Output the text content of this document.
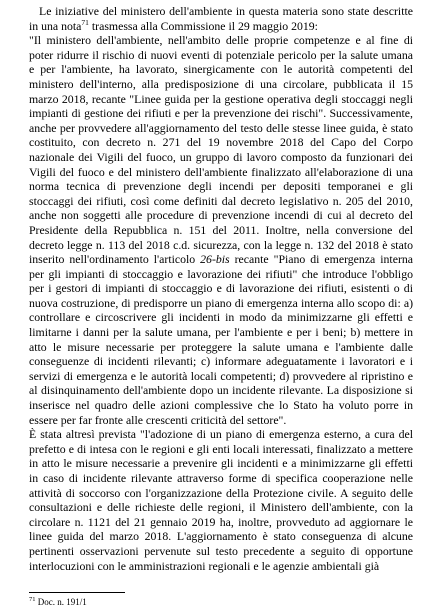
Le iniziative del ministero dell'ambiente in questa materia sono state descritte in una nota$^{71}$ trasmessa alla Commissione il 29 maggio 2019:

"Il ministero dell'ambiente, nell'ambito delle proprie competenze e al fine di poter ridurre il rischio di nuovi eventi di potenziale pericolo per la salute umana e per l'ambiente, ha lavorato, sinergicamente con le autorità competenti del ministero dell'interno, alla predisposizione di una circolare, pubblicata il 15 marzo 2018, recante "Linee guida per la gestione operativa degli stoccaggi negli impianti di gestione dei rifiuti e per la prevenzione dei rischi". Successivamente, anche per provvedere all'aggiornamento del testo delle stesse linee guida, è stato costituito, con decreto n. 271 del 19 novembre 2018 del Capo del Corpo nazionale dei Vigili del fuoco, un gruppo di lavoro composto da funzionari dei Vigili del fuoco e del ministero dell'ambiente finalizzato all'elaborazione di una norma tecnica di prevenzione degli incendi per depositi temporanei e gli stoccaggi dei rifiuti, così come definiti dal decreto legislativo n. 205 del 2010, anche non soggetti alle procedure di prevenzione incendi di cui al decreto del Presidente della Repubblica n. 151 del 2011. Inoltre, nella conversione del decreto legge n. 113 del 2018 c.d. sicurezza, con la legge n. 132 del 2018 è stato inserito nell'ordinamento l'articolo 26-bis recante "Piano di emergenza interna per gli impianti di stoccaggio e lavorazione dei rifiuti" che introduce l'obbligo per i gestori di impianti di stoccaggio e di lavorazione dei rifiuti, esistenti o di nuova costruzione, di predisporre un piano di emergenza interna allo scopo di: a) controllare e circoscrivere gli incidenti in modo da minimizzarne gli effetti e limitarne i danni per la salute umana, per l'ambiente e per i beni; b) mettere in atto le misure necessarie per proteggere la salute umana e l'ambiente dalle conseguenze di incidenti rilevanti; c) informare adeguatamente i lavoratori e i servizi di emergenza e le autorità locali competenti; d) provvedere al ripristino e al disinquinamento dell'ambiente dopo un incidente rilevante. La disposizione si inserisce nel quadro delle azioni complessive che lo Stato ha voluto porre in essere per far fronte alle crescenti criticità del settore".

È stata altresì prevista "l'adozione di un piano di emergenza esterno, a cura del prefetto e di intesa con le regioni e gli enti locali interessati, finalizzato a mettere in atto le misure necessarie a prevenire gli incidenti e a minimizzarne gli effetti in caso di incidente rilevante attraverso forme di specifica cooperazione nelle attività di soccorso con l'organizzazione della Protezione civile. A seguito delle consultazioni e delle richieste delle regioni, il Ministero dell'ambiente, con la circolare n. 1121 del 21 gennaio 2019 ha, inoltre, provveduto ad aggiornare le linee guida del marzo 2018. L'aggiornamento è stato conseguenza di alcune pertinenti osservazioni pervenute sul testo precedente a seguito di opportune interlocuzioni con le amministrazioni regionali e le agenzie ambientali già

$^{71}$ Doc. n. 191/1
